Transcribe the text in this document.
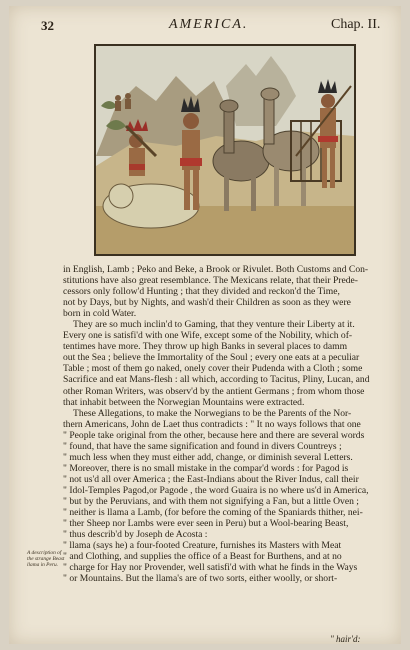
32	AMERICA.	Chap. II.
in English, Lamb ; Peko and Beke, a Brook or Rivulet. Both Customs and Con-
stitutions have also great resemblance. The Mexicans relate, that their Prede-
cessors only follow'd Hunting ; that they divided and reckon'd the Time,
not by Days, but by Nights, and wash'd their Children as soon as they were
born in cold Water.
They are so much inclin'd to Gaming, that they venture their Liberty at it.
Every one is satisfi'd with one Wife, except some of the Nobility, which of-
tentimes have more. They throw up high Banks in several places to damm
out the Sea ; believe the Immortality of the Soul ; every one eats at a peculiar
Table ; most of them go naked, onely cover their Pudenda with a Cloth ; some
Sacrifice and eat Mans-flesh : all which, according to Tacitus, Pliny, Lucan, and
other Roman Writers, was observ'd by the antient Germans ; from whom those
that inhabit between the Norwegian Mountains were extracted.
These Allegations, to make the Norwegians to be the Parents of the Nor-
thern Americans, John de Laet thus contradicts : " It no ways follows that one
" People take original from the other, because here and there are several words
" found, that have the same signification and found in divers Countreys ;
" much less when they must either add, change, or diminish several Letters.
" Moreover, there is no small mistake in the compar'd words : for Pagod is
" not us'd all over America ; the East-Indians about the River Indus, call their
" Idol-Temples Pagod,or Pagode , the word Guaira is no where us'd in America,
" but by the Peruvians, and with them not signifying a Fan, but a little Oven ;
" neither is llama a Lamb, (for before the coming of the Spaniards thither, nei-
" ther Sheep nor Lambs were ever seen in Peru) but a Wool-bearing Beast,
" thus describ'd by Joseph de Acosta :
" llama (says he) a four-footed Creature, furnishes its Masters with Meat
" and Clothing, and supplies the office of a Beast for Burthens, and at no
" charge for Hay nor Provender, well satisfi'd with what he finds in the Ways
" or Mountains. But the llama's are of two sorts, either woolly, or short-
A description of the strange Beast llama in Peru.
" hair'd:
